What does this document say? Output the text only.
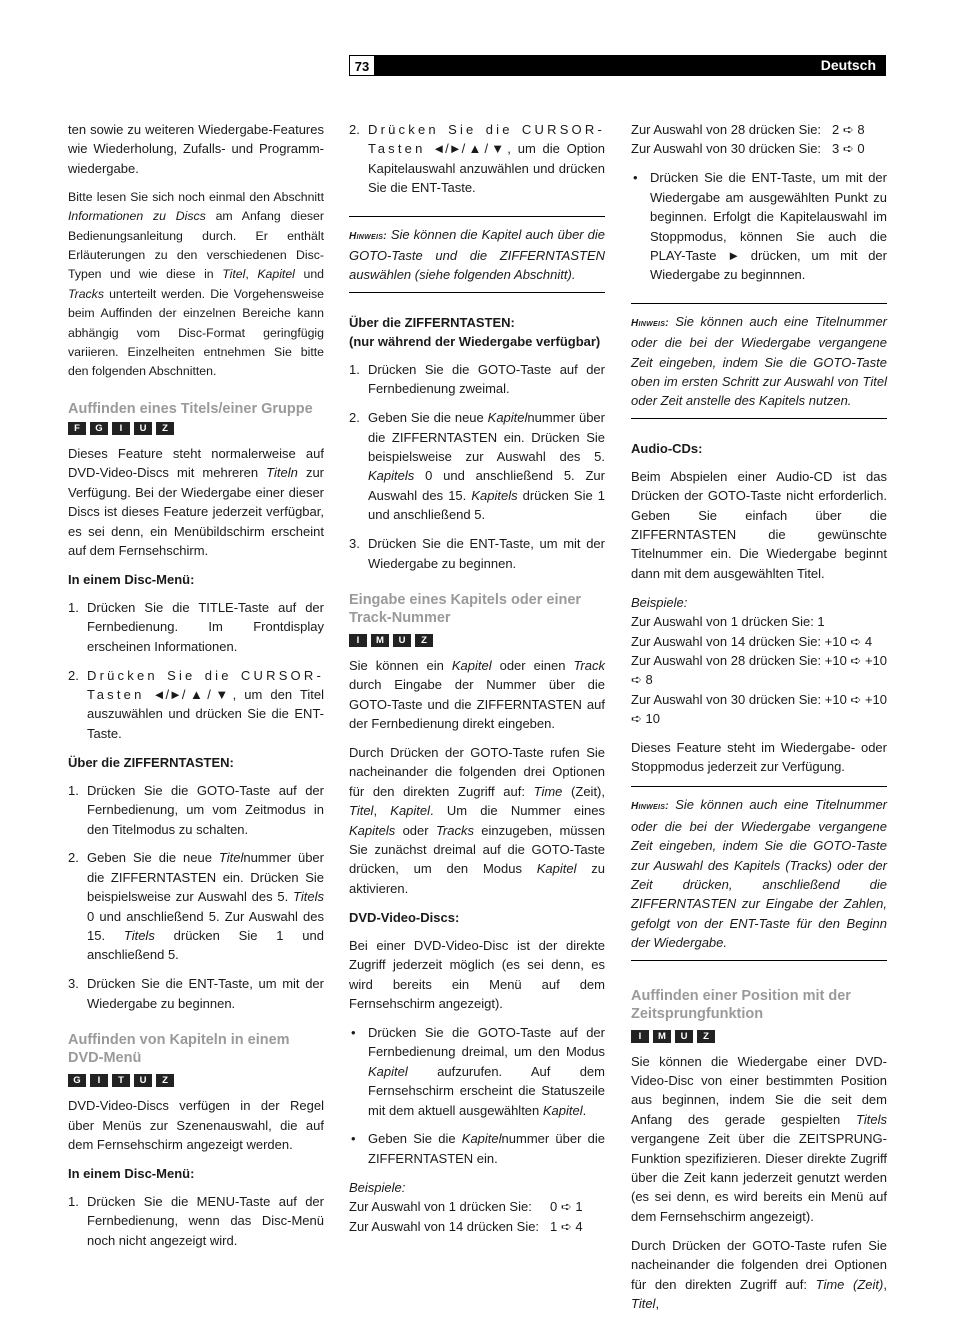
73	Deutsch

ten sowie zu weiteren Wiedergabe-Features wie Wiederholung, Zufalls- und Programm-wiedergabe.

Bitte lesen Sie sich noch einmal den Abschnitt Informationen zu Discs am Anfang dieser Bedienungsanleitung durch. Er enthält Erläuterungen zu den verschiedenen Disc-Typen und wie diese in Titel, Kapitel und Tracks unterteilt werden. Die Vorgehensweise beim Auffinden der einzelnen Bereiche kann abhängig vom Disc-Format geringfügig variieren. Einzelheiten entnehmen Sie bitte den folgenden Abschnitten.

Auffinden eines Titels/einer Gruppe F G I U Z

Dieses Feature steht normalerweise auf DVD-Video-Discs mit mehreren Titeln zur Verfügung. Bei der Wiedergabe einer dieser Discs ist dieses Feature jederzeit verfügbar, es sei denn, ein Menübildschirm erscheint auf dem Fernsehschirm.

In einem Disc-Menü:
1. Drücken Sie die TITLE-Taste auf der Fernbedienung. Im Frontdisplay erscheinen Informationen.
2. Drücken Sie die CURSOR-Tasten ◄/►/▲/▼, um den Titel auszuwählen und drücken Sie die ENT-Taste.
Über die ZIFFERNTASTEN:
1. Drücken Sie die GOTO-Taste auf der Fernbedienung, um vom Zeitmodus in den Titelmodus zu schalten.
2. Geben Sie die neue Titelnummer über die ZIFFERNTASTEN ein. Drücken Sie beispielsweise zur Auswahl des 5. Titels 0 und anschließend 5. Zur Auswahl des 15. Titels drücken Sie 1 und anschließend 5.
3. Drücken Sie die ENT-Taste, um mit der Wiedergabe zu beginnen.
Auffinden von Kapiteln in einem DVD-Menü
G I T U Z

DVD-Video-Discs verfügen in der Regel über Menüs zur Szenenauswahl, die auf dem Fernsehschirm angezeigt werden.

In einem Disc-Menü:
1. Drücken Sie die MENU-Taste auf der Fernbedienung, wenn das Disc-Menü noch nicht angezeigt wird.
2. Drücken Sie die CURSOR-Tasten ◄/►/▲/▼, um die Option Kapitelauswahl anzuwählen und drücken Sie die ENT-Taste.
Hinweis: Sie können die Kapitel auch über die GOTO-Taste und die ZIFFERNTASTEN auswählen (siehe folgenden Abschnitt).
Über die ZIFFERNTASTEN:
(nur während der Wiedergabe verfügbar)
1. Drücken Sie die GOTO-Taste auf der Fernbedienung zweimal.
2. Geben Sie die neue Kapitelnummer über die ZIFFERNTASTEN ein. Drücken Sie beispielsweise zur Auswahl des 5. Kapitels 0 und anschließend 5. Zur Auswahl des 15. Kapitels drücken Sie 1 und anschließend 5.
3. Drücken Sie die ENT-Taste, um mit der Wiedergabe zu beginnen.
Eingabe eines Kapitels oder einer Track-Nummer
I M U Z

Sie können ein Kapitel oder einen Track durch Eingabe der Nummer über die GOTO-Taste und die ZIFFERNTASTEN auf der Fernbedienung direkt eingeben.

Durch Drücken der GOTO-Taste rufen Sie nacheinander die folgenden drei Optionen für den direkten Zugriff auf: Time (Zeit), Titel, Kapitel. Um die Nummer eines Kapitels oder Tracks einzugeben, müssen Sie zunächst dreimal auf die GOTO-Taste drücken, um den Modus Kapitel zu aktivieren.

DVD-Video-Discs:

Bei einer DVD-Video-Disc ist der direkte Zugriff jederzeit möglich (es sei denn, es wird bereits ein Menü auf dem Fernsehschirm angezeigt).

• Drücken Sie die GOTO-Taste auf der Fernbedienung dreimal, um den Modus Kapitel aufzurufen. Auf dem Fernsehschirm erscheint die Statuszeile mit dem aktuell ausgewählten Kapitel.
• Geben Sie die Kapitelnummer über die ZIFFERNTASTEN ein.

Beispiele:

Zur Auswahl von 1 drücken Sie:	0 ➪ 1
Zur Auswahl von 14 drücken Sie: 1 ➪ 4
Zur Auswahl von 28 drücken Sie: 2 ➪ 8
Zur Auswahl von 30 drücken Sie: 3 ➪ 0
• Drücken Sie die ENT-Taste, um mit der Wiedergabe am ausgewählten Punkt zu beginnen. Erfolgt die Kapitelauswahl im Stoppmodus, können Sie auch die PLAY-Taste ► drücken, um mit der Wiedergabe zu beginnnen.
Hinweis: Sie können auch eine Titelnummer oder die bei der Wiedergabe vergangene Zeit eingeben, indem Sie die GOTO-Taste oben im ersten Schritt zur Auswahl von Titel oder Zeit anstelle des Kapitels nutzen.
Audio-CDs:

Beim Abspielen einer Audio-CD ist das Drücken der GOTO-Taste nicht erforderlich. Geben Sie einfach über die ZIFFERNTASTEN die gewünschte Titelnummer ein. Die Wiedergabe beginnt dann mit dem ausgewählten Titel.

Beispiele:

Zur Auswahl von 1 drücken Sie: 1

Zur Auswahl von 14 drücken Sie: +10 ➪ 4

Zur Auswahl von 28 drücken Sie: +10 ➪ +10 ➪ 8

Zur Auswahl von 30 drücken Sie: +10 ➪ +10 ➪ 10

Dieses Feature steht im Wiedergabe- oder Stoppmodus jederzeit zur Verfügung.

Hinweis: Sie können auch eine Titelnummer oder die bei der Wiedergabe vergangene Zeit eingeben, indem Sie die GOTO-Taste zur Auswahl des Kapitels (Tracks) oder der Zeit drücken, anschließend die ZIFFERNTASTEN zur Eingabe der Zahlen, gefolgt von der ENT-Taste für den Beginn der Wiedergabe.
Auffinden einer Position mit der Zeitsprungfunktion
I M U Z

Sie können die Wiedergabe einer DVD-Video-Disc von einer bestimmten Position aus beginnen, indem Sie die seit dem Anfang des gerade gespielten Titels vergangene Zeit über die ZEITSPRUNG-Funktion spezifizieren. Dieser direkte Zugriff über die Zeit kann jederzeit genutzt werden (es sei denn, es wird bereits ein Menü auf dem Fernsehschirm angezeigt).

Durch Drücken der GOTO-Taste rufen Sie nacheinander die folgenden drei Optionen für den direkten Zugriff auf: Time (Zeit), Titel,
